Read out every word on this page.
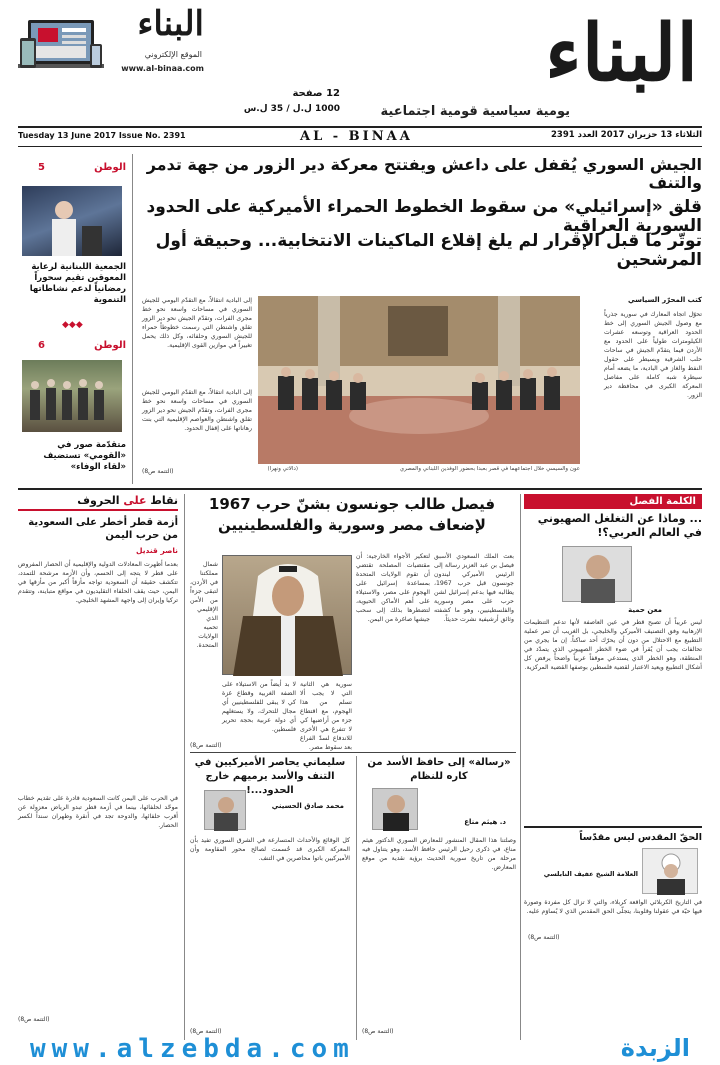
البناء
يومية سياسية قومية اجتماعية
البناء
الموقع الإلكتروني
www.al-binaa.com
12 صفحة
1000 ل.ل / 35 ل.س
Tuesday 13 June 2017 Issue No. 2391	AL - BINAA	الثلاثاء 13 حزيران 2017 العدد 2391
الجيش السوري يُقفل على داعش ويفتتح معركة دير الزور من جهة تدمر والتنف
قلق «إسرائيلي» من سقوط الخطوط الحمراء الأميركية على الحدود السورية العراقية
توتّر ما قبل الإقرار لم يلغ إقلاع الماكينات الانتخابية... وحبيقة أول المرشحين
كتب المحرّر السياسي
تحوّل اتجاه المعارك في سورية جذرياً مع وصول الجيش السوري إلى خط الحدود العراقية وتوسعه عشرات الكيلومترات طولياً على الحدود مع الأردن فيما يتقدّم الجيش في ساحات حلب الشرقية ويسيطر على حقول النفط والغاز في البادية، ما يضعه أمام سيطرة شبه كاملة على مفاصل المعركة الكبرى في محافظة دير الزور.
عون والسيسي خلال اجتماعهما في قصر بعبدا بحضور الوفدين اللبناني والمصري
(دالاتي ونهرا)
إلى البادية انتقالاً، مع التقدّم اليومي للجيش السوري في مساحات واسعة نحو خط مجرى الفرات، وتقدّم الجيش نحو دير الزور تقلق واشنطن التي رسمت خطوطاً حمراء للجيش السوري وحلفائه، وكل ذلك يحمل تغييراً في موازين القوى الإقليمية.
إلى البادية انتقالاً، مع التقدّم اليومي للجيش السوري في مساحات واسعة نحو خط مجرى الفرات، وتقدّم الجيش نحو دير الزور تقلق واشنطن والعواصم الإقليمية التي بنت رهاناتها على إقفال الحدود.
(التتمة ص8)
الوطن
5
الجمعية اللبنانية لرعاية المعوقين تقيم سحوراً رمضانياً لدعم نشاطاتها التنموية
◆◆◆
الوطن
6
متقدّمة صور في «القومي» تستضيف «لقاء الوفاء»
الكلمة الفصل
... وماذا عن التغلغل الصهيوني في العالم العربي؟!
معن حمية
ليس غريباً أن تصبح قطر في عين العاصفة لأنها تدعم التنظيمات الإرهابية وفق التصنيف الأميركي والخليجي، بل الغريب أن تمر عملية التطبيع مع الاحتلال من دون أن يحرّك أحد ساكناً. إن ما يجري من تحالفات يجب أن يُقرأ في ضوء الخطر الصهيوني الذي يتمدّد في المنطقة، وهو الخطر الذي يستدعي موقفاً عربياً واضحاً يرفض كل أشكال التطبيع ويعيد الاعتبار لقضية فلسطين بوصفها القضية المركزية.
الحقّ المقدس ليس مقدّساً
العلامة الشيخ عفيف النابلسي
في التاريخ الكربلائي الواقعة كربلاء، والتي لا تزال كل مفردة وصورة فيها حيّة في عقولنا وقلوبنا، يتجلّى الحق المقدس الذي لا يُساوَم عليه.
(التتمة ص8)
فيصل طالب جونسون بشنّ حرب 1967 لإضعاف مصر وسورية والفلسطينيين
بعث الملك السعودي الأسبق فيصل بن عبد العزيز رسالة إلى الرئيس الأميركي ليندون جونسون قبل حرب 1967، يطالبه فيها بدعم إسرائيل لشن حرب على مصر وسورية والفلسطينيين، وهو ما كشفته وثائق أرشيفية نشرت حديثاً.
لتعكير الأجواء الخارجية: أن مقتضيات المصلحة تقتضي أن تقوم الولايات المتحدة بمساعدة إسرائيل على الهجوم على مصر، والاستيلاء على أهم الأماكن الحيوية، لتضطرها بذلك إلى سحب جيشها صاغرة من اليمن.
سورية هي الثانية التي لا يجب ألا تسلم من هذا الهجوم، مع اقتطاع جزء من أراضيها كي لا تتفرغ هي الأخرى للاندفاع لسدّ الفراغ بعد سقوط مصر.
لا بد أيضاً من الاستيلاء على الضفة الغربية وقطاع غزة كي لا يبقى للفلسطينيين أي مجال للتحرك، ولا يستغلهم أي دولة عربية بحجة تحرير فلسطين.
شمال مملكتنا في الأردن، لتبقى جزءاً من الأمن الإقليمي الذي تحميه الولايات المتحدة.
(التتمة ص8)
«رسالة» إلى حافظ الأسد من كاره للنظام
د. هيثم مناع
وصلتنا هذا المقال المنشور للمعارض السوري الدكتور هيثم مناع، في ذكرى رحيل الرئيس حافظ الأسد، وهو يتناول فيه مرحلة من تاريخ سورية الحديث برؤية نقدية من موقع المعارض.
(التتمة ص8)
سليماني يحاصر الأميركيين في التنف والأسد يرميهم خارج الحدود...!
محمد صادق الحسيني
كل الوقائع والأحداث المتسارعة في الشرق السوري تفيد بأن المعركة الكبرى قد حُسمت لصالح محور المقاومة وأن الأميركيين باتوا محاصرين في التنف.
(التتمة ص8)
نقاط على الحروف
أزمة قطر أخطر على السعودية من حرب اليمن
ناصر قنديل
بعدما أظهرت المعادلات الدولية والإقليمية أن الحصار المفروض على قطر لا يتجه إلى الحسم، وأن الأزمة مرشحة للتمدد، تتكشف حقيقة أن السعودية تواجه مأزقاً أكبر من مأزقها في اليمن، حيث يقف الحلفاء التقليديون في مواقع متباينة، وتتقدم تركيا وإيران إلى واجهة المشهد الخليجي.
في الحرب على اليمن كانت السعودية قادرة على تقديم خطاب موحّد لحلفائها، بينما في أزمة قطر تبدو الرياض معزولة عن أقرب حلفائها، والدوحة تجد في أنقرة وطهران سنداً لكسر الحصار.
(التتمة ص8)
www.alzebda.com	الزبدة
